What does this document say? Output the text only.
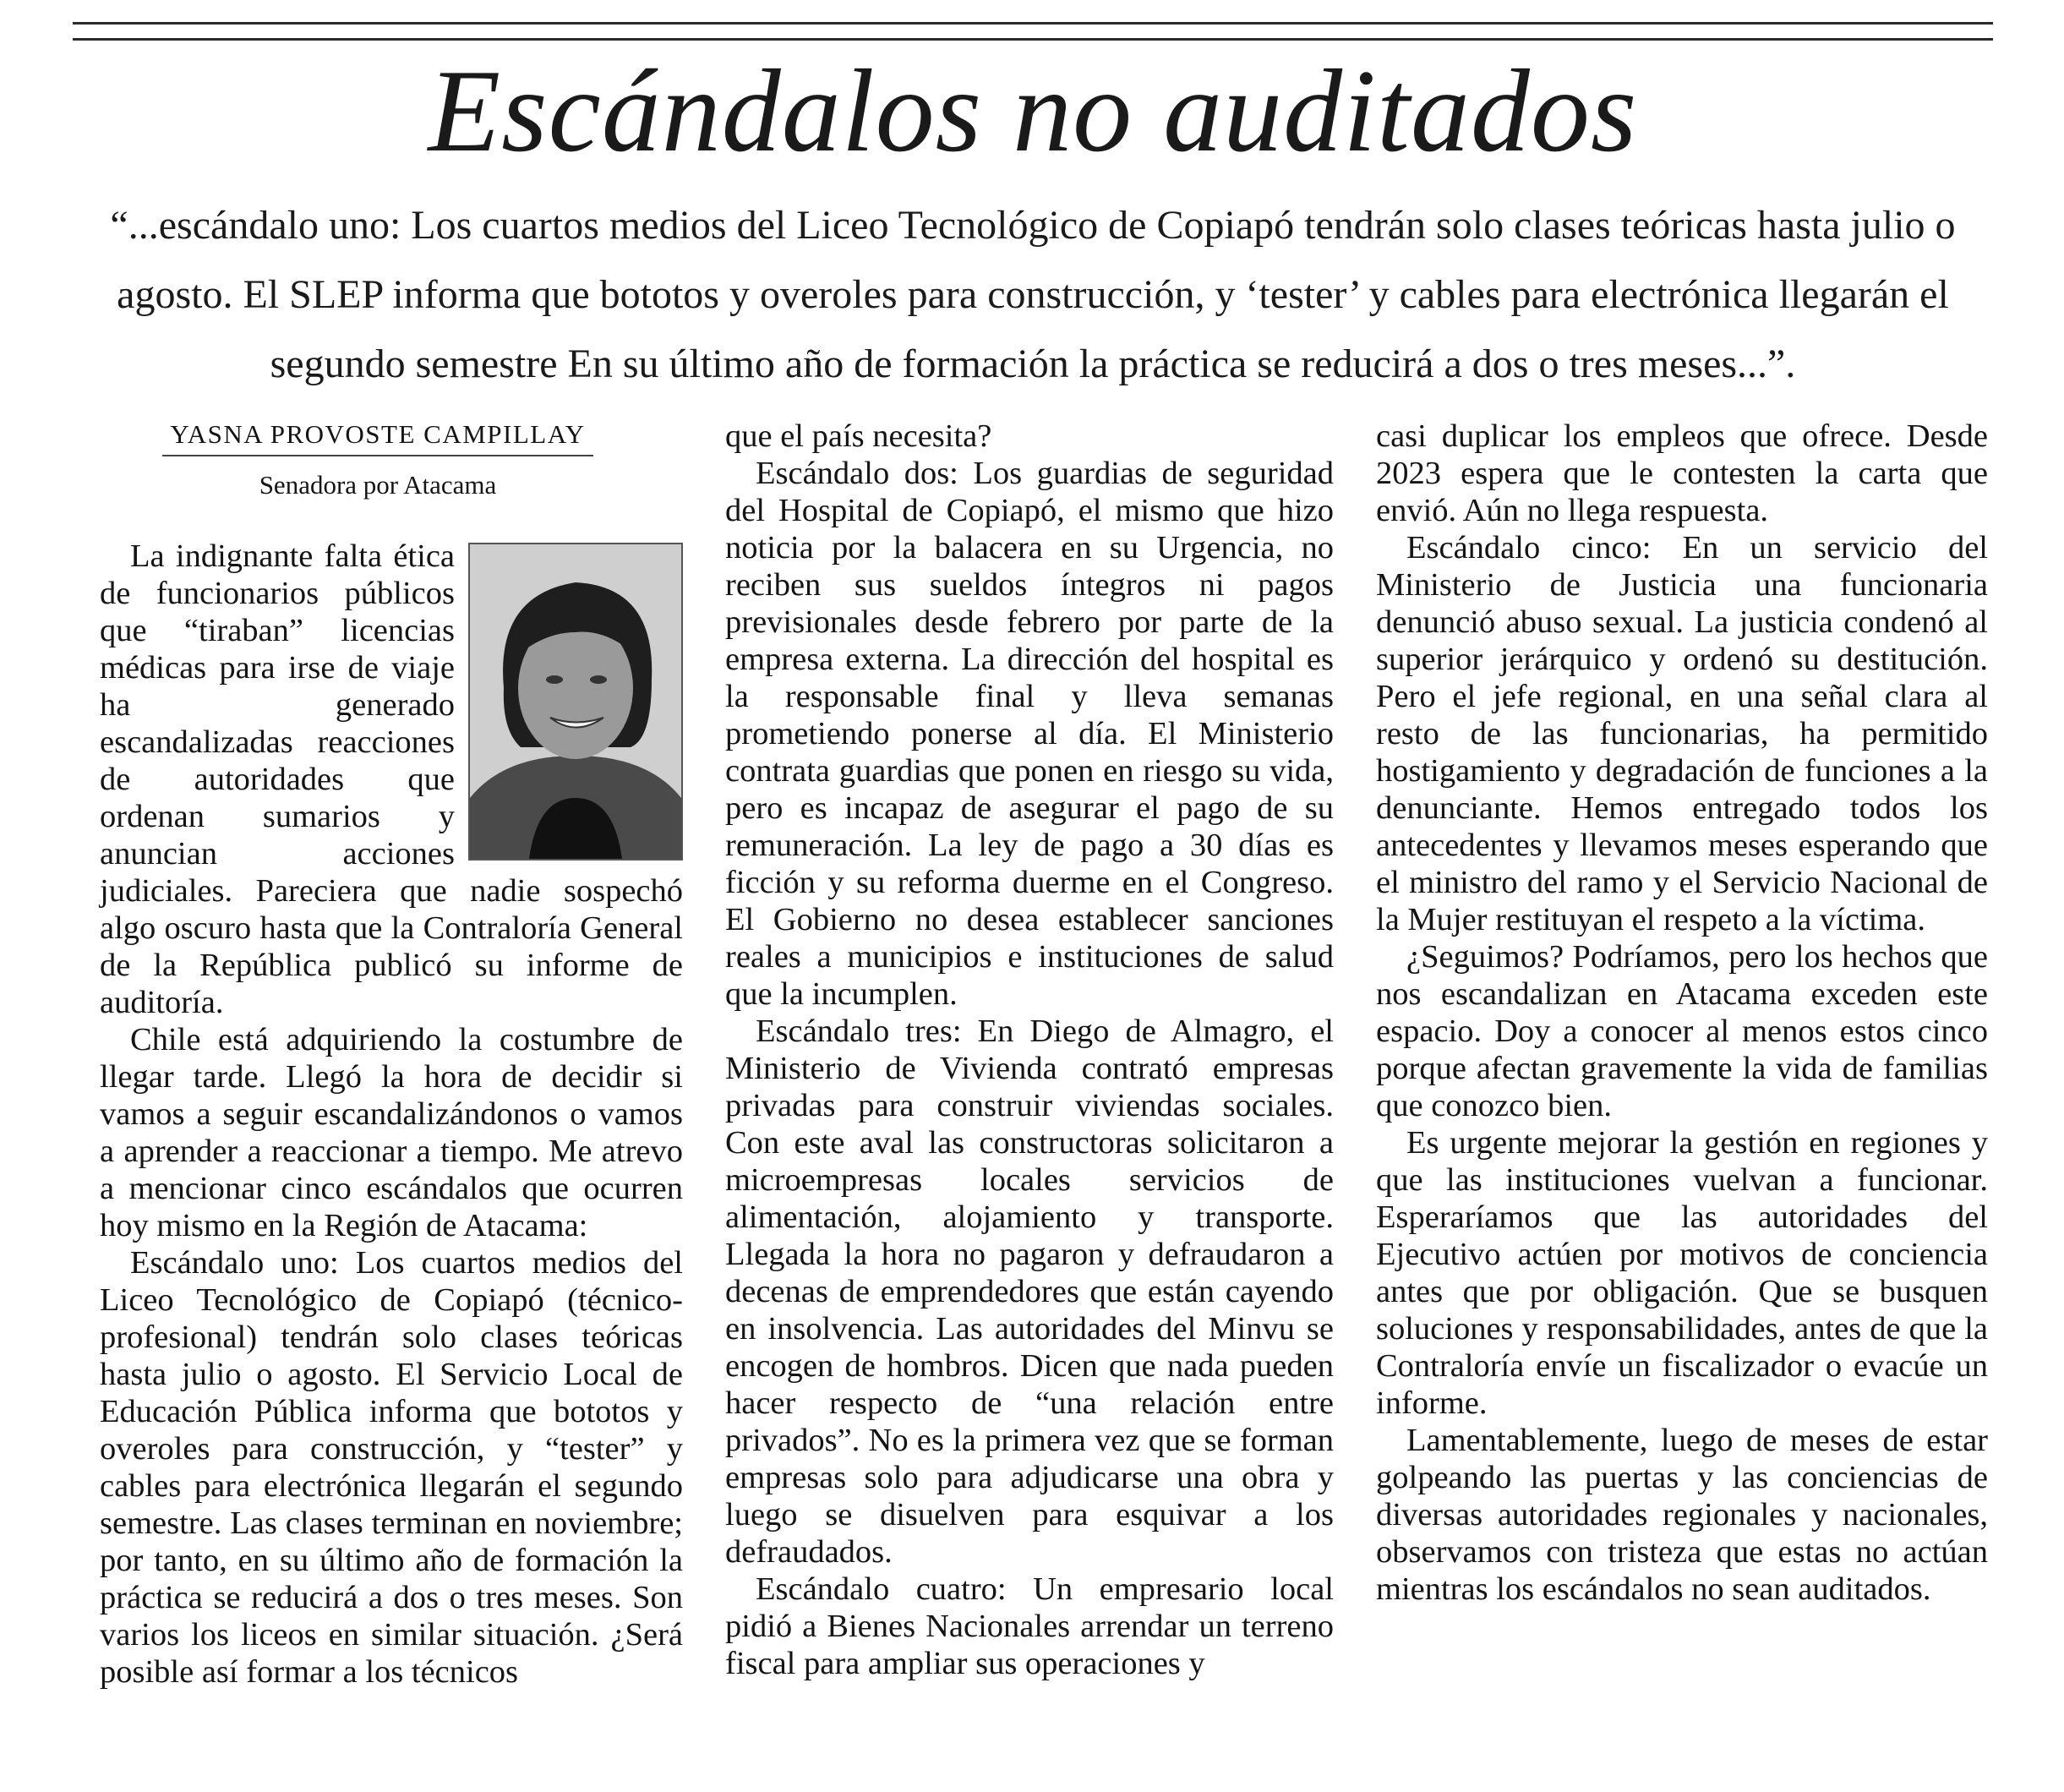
Escándalos no auditados
“...escándalo uno: Los cuartos medios del Liceo Tecnológico de Copiapó tendrán solo clases teóricas hasta julio o agosto. El SLEP informa que bototos y overoles para construcción, y ‘tester’ y cables para electrónica llegarán el segundo semestre En su último año de formación la práctica se reducirá a dos o tres meses...”.
YASNA PROVOSTE CAMPILLAY
Senadora por Atacama

La indignante falta ética de funcionarios públicos que “tiraban” licencias médicas para irse de viaje ha generado escandalizadas reacciones de autoridades que ordenan sumarios y anuncian acciones judiciales. Pareciera que nadie sospechó algo oscuro hasta que la Contraloría General de la República publicó su informe de auditoría.

Chile está adquiriendo la costumbre de llegar tarde. Llegó la hora de decidir si vamos a seguir escandalizándonos o vamos a aprender a reaccionar a tiempo. Me atrevo a mencionar cinco escándalos que ocurren hoy mismo en la Región de Atacama:

Escándalo uno: Los cuartos medios del Liceo Tecnológico de Copiapó (técnico-profesional) tendrán solo clases teóricas hasta julio o agosto. El Servicio Local de Educación Pública informa que bototos y overoles para construcción, y “tester” y cables para electrónica llegarán el segundo semestre. Las clases terminan en noviembre; por tanto, en su último año de formación la práctica se reducirá a dos o tres meses. Son varios los liceos en similar situación. ¿Será posible así formar a los técnicos

que el país necesita?

Escándalo dos: Los guardias de seguridad del Hospital de Copiapó, el mismo que hizo noticia por la balacera en su Urgencia, no reciben sus sueldos íntegros ni pagos previsionales desde febrero por parte de la empresa externa. La dirección del hospital es la responsable final y lleva semanas prometiendo ponerse al día. El Ministerio contrata guardias que ponen en riesgo su vida, pero es incapaz de asegurar el pago de su remuneración. La ley de pago a 30 días es ficción y su reforma duerme en el Congreso. El Gobierno no desea establecer sanciones reales a municipios e instituciones de salud que la incumplen.

Escándalo tres: En Diego de Almagro, el Ministerio de Vivienda contrató empresas privadas para construir viviendas sociales. Con este aval las constructoras solicitaron a microempresas locales servicios de alimentación, alojamiento y transporte. Llegada la hora no pagaron y defraudaron a decenas de emprendedores que están cayendo en insolvencia. Las autoridades del Minvu se encogen de hombros. Dicen que nada pueden hacer respecto de “una relación entre privados”. No es la primera vez que se forman empresas solo para adjudicarse una obra y luego se disuelven para esquivar a los defraudados.

Escándalo cuatro: Un empresario local pidió a Bienes Nacionales arrendar un terreno fiscal para ampliar sus operaciones y

casi duplicar los empleos que ofrece. Desde 2023 espera que le contesten la carta que envió. Aún no llega respuesta.

Escándalo cinco: En un servicio del Ministerio de Justicia una funcionaria denunció abuso sexual. La justicia condenó al superior jerárquico y ordenó su destitución. Pero el jefe regional, en una señal clara al resto de las funcionarias, ha permitido hostigamiento y degradación de funciones a la denunciante. Hemos entregado todos los antecedentes y llevamos meses esperando que el ministro del ramo y el Servicio Nacional de la Mujer restituyan el respeto a la víctima.

¿Seguimos? Podríamos, pero los hechos que nos escandalizan en Atacama exceden este espacio. Doy a conocer al menos estos cinco porque afectan gravemente la vida de familias que conozco bien.

Es urgente mejorar la gestión en regiones y que las instituciones vuelvan a funcionar. Esperaríamos que las autoridades del Ejecutivo actúen por motivos de conciencia antes que por obligación. Que se busquen soluciones y responsabilidades, antes de que la Contraloría envíe un fiscalizador o evacúe un informe.

Lamentablemente, luego de meses de estar golpeando las puertas y las conciencias de diversas autoridades regionales y nacionales, observamos con tristeza que estas no actúan mientras los escándalos no sean auditados.
